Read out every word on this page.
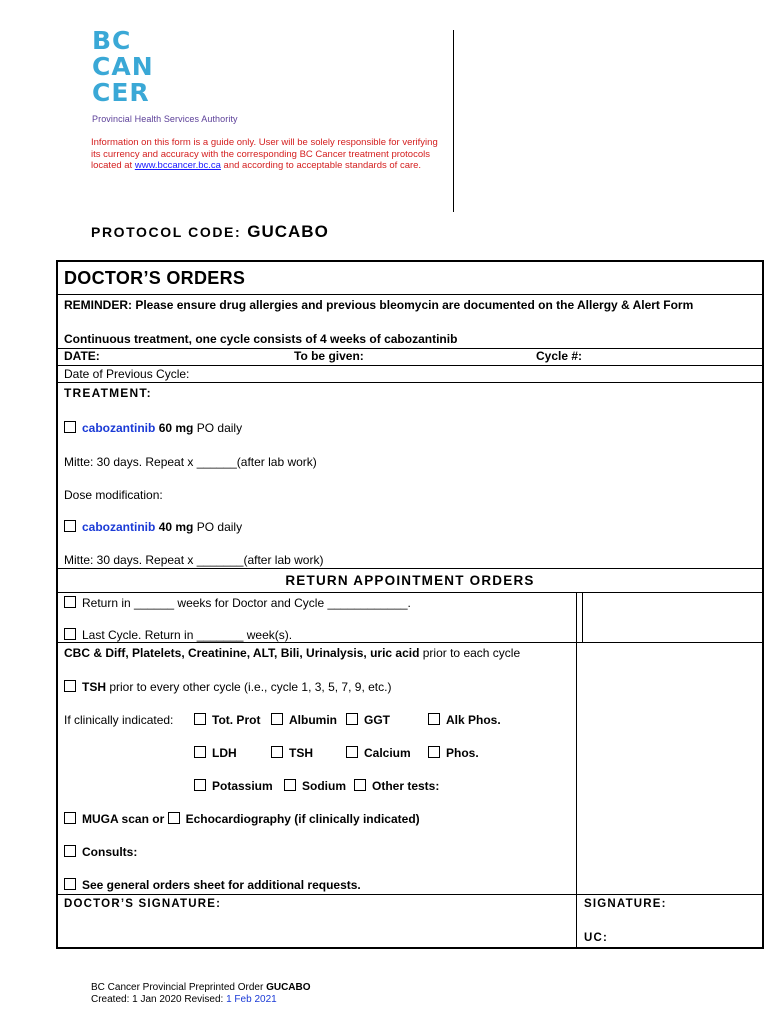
BC
CAN
CER
Provincial Health Services Authority
Information on this form is a guide only. User will be solely responsible for verifying its currency and accuracy with the corresponding BC Cancer treatment protocols located at www.bccancer.bc.ca and according to acceptable standards of care.
PROTOCOL CODE: GUCABO
DOCTOR’S ORDERS
REMINDER: Please ensure drug allergies and previous bleomycin are documented on the Allergy & Alert Form
Continuous treatment, one cycle consists of 4 weeks of cabozantinib
DATE:	To be given:	Cycle #:
Date of Previous Cycle:
TREATMENT:
cabozantinib 60 mg PO daily
Mitte: 30 days. Repeat x ______(after lab work)
Dose modification:
cabozantinib 40 mg PO daily
Mitte: 30 days. Repeat x _______(after lab work)
RETURN APPOINTMENT ORDERS
Return in ______ weeks for Doctor and Cycle ____________.
Last Cycle. Return in _______ week(s).
CBC & Diff, Platelets, Creatinine, ALT, Bili, Urinalysis, uric acid prior to each cycle
TSH prior to every other cycle (i.e., cycle 1, 3, 5, 7, 9, etc.)
If clinically indicated:	Tot. Prot	Albumin	GGT	Alk Phos.
LDH	TSH	Calcium	Phos.
Potassium	Sodium	Other tests:
MUGA scan or Echocardiography (if clinically indicated)
Consults:
See general orders sheet for additional requests.
DOCTOR’S SIGNATURE:	SIGNATURE:
UC:
BC Cancer Provincial Preprinted Order GUCABO
Created: 1 Jan 2020 Revised: 1 Feb 2021
